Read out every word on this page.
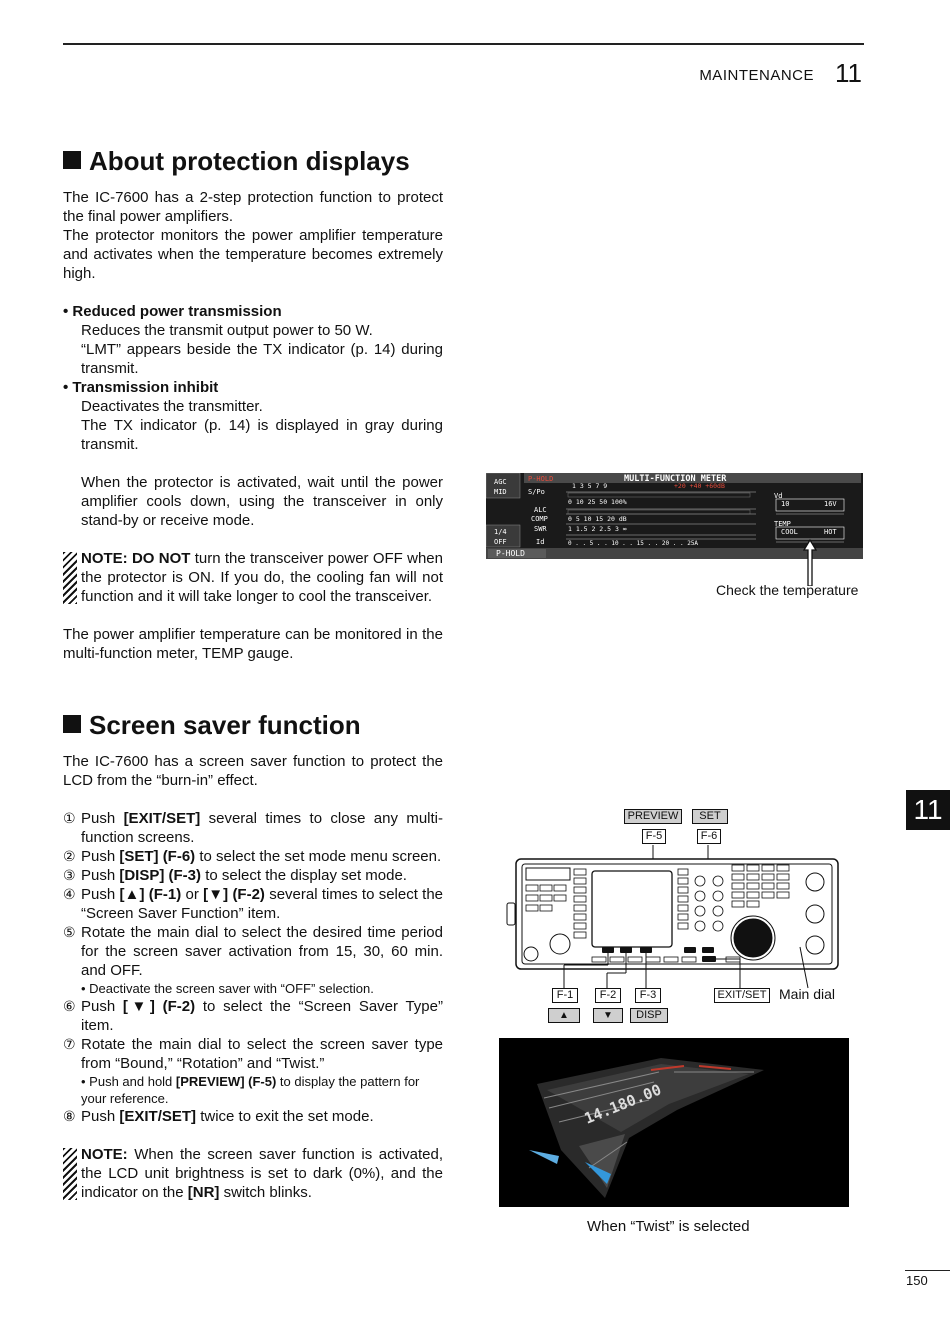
MAINTENANCE 11
About protection displays

The IC-7600 has a 2-step protection function to protect the final power amplifiers.

The protector monitors the power amplifier temperature and activates when the temperature becomes extremely high.

• Reduced power transmission

Reduces the transmit output power to 50 W.

“LMT” appears beside the TX indicator (p. 14) during transmit.

• Transmission inhibit

Deactivates the transmitter.

The TX indicator (p. 14) is displayed in gray during transmit.

When the protector is activated, wait until the power amplifier cools down, using the transceiver in only stand-by or receive mode.

NOTE: DO NOT turn the transceiver power OFF when the protector is ON. If you do, the cooling fan will not function and it will take longer to cool the transceiver.

The power amplifier temperature can be monitored in the multi-function meter, TEMP gauge.

AGC
MID
1/4
OFF
P-HOLD
MULTI-FUNCTION METER
S/Po
ALC
COMP
SWR
Id
1 3 5 7 9
0 10 25 50 100%
0 5 10 15 20 dB
1 1.5 2 2.5 3 ∞
0 . . 5 . . 10 . . 15 . . 20 . . 25A
Vd
10	16V
TEMP
COOL	HOT
P-HOLD
+20 +40 +60dB
Check the temperature
Screen saver function

The IC-7600 has a screen saver function to protect the LCD from the “burn-in” effect.

① Push [EXIT/SET] several times to close any multi-function screens.
② Push [SET] (F-6) to select the set mode menu screen.
③ Push [DISP] (F-3) to select the display set mode.
④ Push [▲] (F-1) or [▼] (F-2) several times to select the “Screen Saver Function” item.
⑤ Rotate the main dial to select the desired time period for the screen saver activation from 15, 30, 60 min. and OFF.
• Deactivate the screen saver with “OFF” selection.
⑥ Push [▼] (F-2) to select the “Screen Saver Type” item.
⑦ Rotate the main dial to select the screen saver type from “Bound,” “Rotation” and “Twist.”
• Push and hold [PREVIEW] (F-5) to display the pattern for your reference.
⑧ Push [EXIT/SET] twice to exit the set mode.
NOTE: When the screen saver function is activated, the LCD unit brightness is set to dark (0%), and the indicator on the [NR] switch blinks.
11
PREVIEW	SET
F-5	F-6
F-1	F-2	F-3	EXIT/SET Main dial
▲	▼	DISP
14.180.00
When “Twist” is selected
150
